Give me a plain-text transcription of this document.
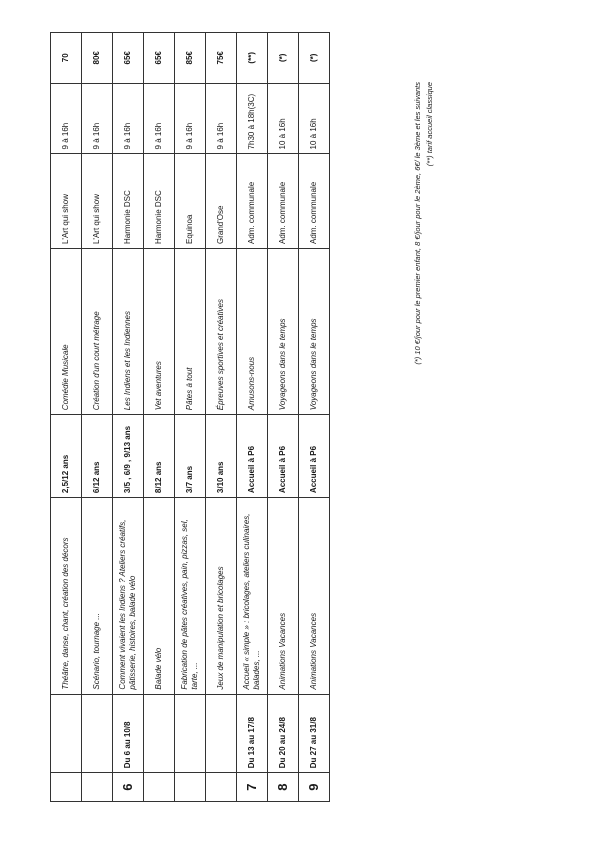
		Théâtre, danse, chant, création des décors	2,5/12 ans	Comédie Musicale	L'Art qui show	9 à 16h	70
		Scénario, tournage ...	6/12 ans	Création d'un court métrage	L'Art qui show	9 à 16h	80€
6	Du 6 au 10/8	Comment vivaient les Indiens ? Ateliers créatifs, pâtisserie, histoires, balade vélo	3/5 , 6/9 , 9/13 ans	Les Indiens et les Indiennes	Harmonie DSC	9 à 16h	65€
		Balade vélo	8/12 ans	Vet aventures	Harmonie DSC	9 à 16h	65€
		Fabrication de pâtes créatives, pain, pizzas, sel, tarte, ...	3/7 ans	Pâtes à tout	Equinoa	9 à 16h	85€
		Jeux de manipulation et bricolages	3/10 ans	Épreuves sportives et créatives	Grand'Ose	9 à 16h	75€
7	Du 13 au 17/8	Accueil « simple » : bricolages, ateliers culinaires, balades, ...	Accueil à P6	Amusons-nous	Adm. communale	7h30 à 18h(3C)	(**)
8	Du 20 au 24/8	Animations Vacances	Accueil à P6	Voyageons dans le temps	Adm. communale	10 à 16h	(*)
9	Du 27 au 31/8	Animations Vacances	Accueil à P6	Voyageons dans le temps	Adm. communale	10 à 16h	(*)
(*) 10 €/jour pour le premier enfant, 8 €/jour pour le 2ème, 6€/ le 3ème et les suivants (**) tarif accueil classique
